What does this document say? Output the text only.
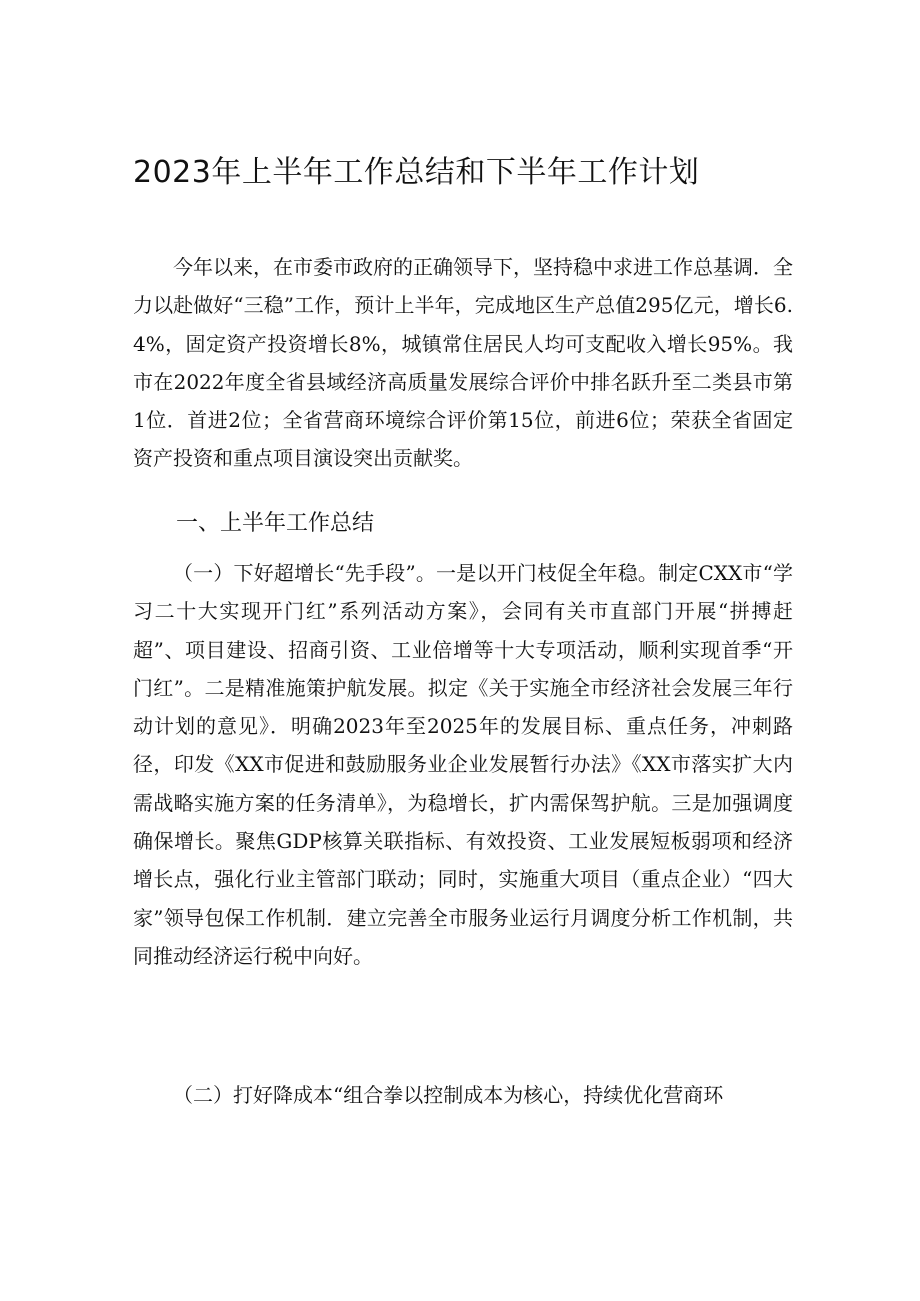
2023年上半年工作总结和下半年工作计划

今年以来，在市委市政府的正确领导下，坚持稳中求进工作总基调．全力以赴做好“三稳”工作，预计上半年，完成地区生产总值295亿元，增长6.4%，固定资产投资增长8%，城镇常住居民人均可支配收入增长95%。我市在2022年度全省县域经济高质量发展综合评价中排名跃升至二类县市第1位．首进2位；全省营商环境综合评价第15位，前进6位；荣获全省固定资产投资和重点项目演设突出贡献奖。

一、上半年工作总结

（一）下好超增长“先手段”。一是以开门枝促全年稳。制定CXX市“学习二十大实现开门红”系列活动方案》，会同有关市直部门开展“拼搏赶超”、项目建设、招商引资、工业倍增等十大专项活动，顺利实现首季“开门红”。二是精准施策护航发展。拟定《关于实施全市经济社会发展三年行动计划的意见》．明确2023年至2025年的发展目标、重点任务，冲刺路径，印发《XX市促进和鼓励服务业企业发展暂行办法》《XX市落实扩大内需战略实施方案的任务清单》，为稳增长，扩内需保驾护航。三是加强调度确保增长。聚焦GDP核算关联指标、有效投资、工业发展短板弱项和经济增长点，强化行业主管部门联动；同时，实施重大项目（重点企业）“四大家”领导包保工作机制．建立完善全市服务业运行月调度分析工作机制，共同推动经济运行税中向好。

（二）打好降成本“组合拳以控制成本为核心，持续优化营商环
